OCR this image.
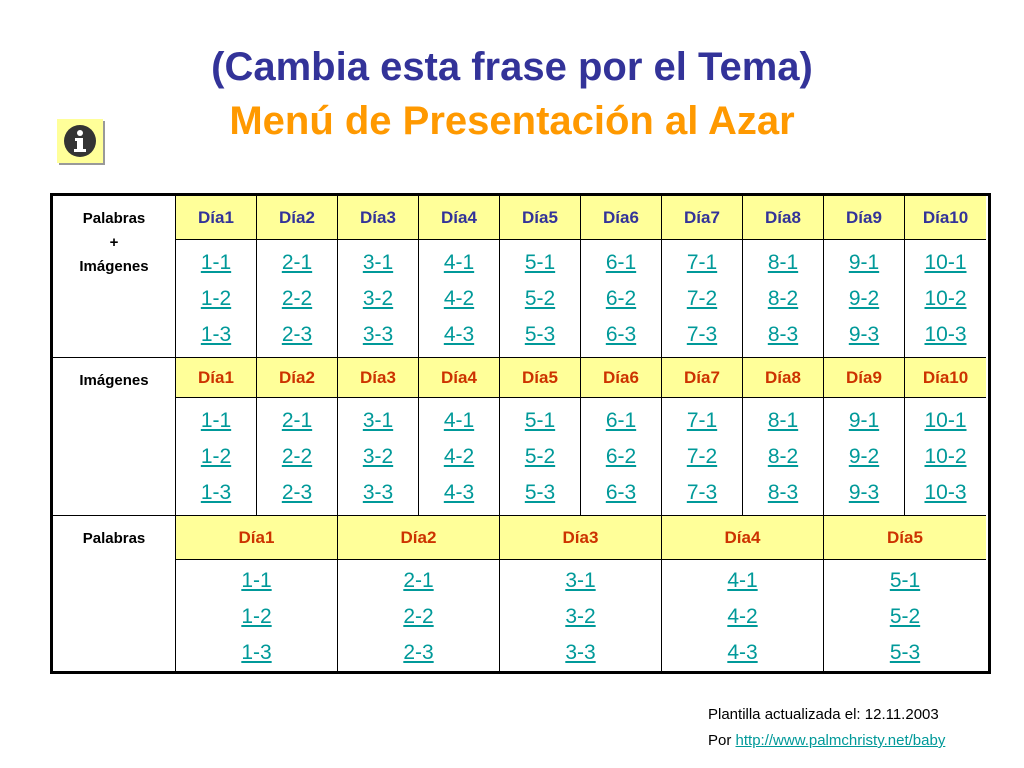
(Cambia esta frase por el Tema)
Menú de Presentación al Azar
Palabras
+
Imágenes
Día1
1-1
1-2
1-3
Día2
2-1
2-2
2-3
Día3
3-1
3-2
3-3
Día4
4-1
4-2
4-3
Día5
5-1
5-2
5-3
Día6
6-1
6-2
6-3
Día7
7-1
7-2
7-3
Día8
8-1
8-2
8-3
Día9
9-1
9-2
9-3
Día10
10-1
10-2
10-3
Imágenes	Día1
1-1
1-2
1-3
Día2
2-1
2-2
2-3
Día3
3-1
3-2
3-3
Día4
4-1
4-2
4-3
Día5
5-1
5-2
5-3
Día6
6-1
6-2
6-3
Día7
7-1
7-2
7-3
Día8
8-1
8-2
8-3
Día9
9-1
9-2
9-3
Día10
10-1
10-2
10-3
Palabras	Día1
1-1
1-2
1-3
Día2
2-1
2-2
2-3
Día3
3-1
3-2
3-3
Día4
4-1
4-2
4-3
Día5
5-1
5-2
5-3
Plantilla actualizada el: 12.11.2003
Por http://www.palmchristy.net/baby
